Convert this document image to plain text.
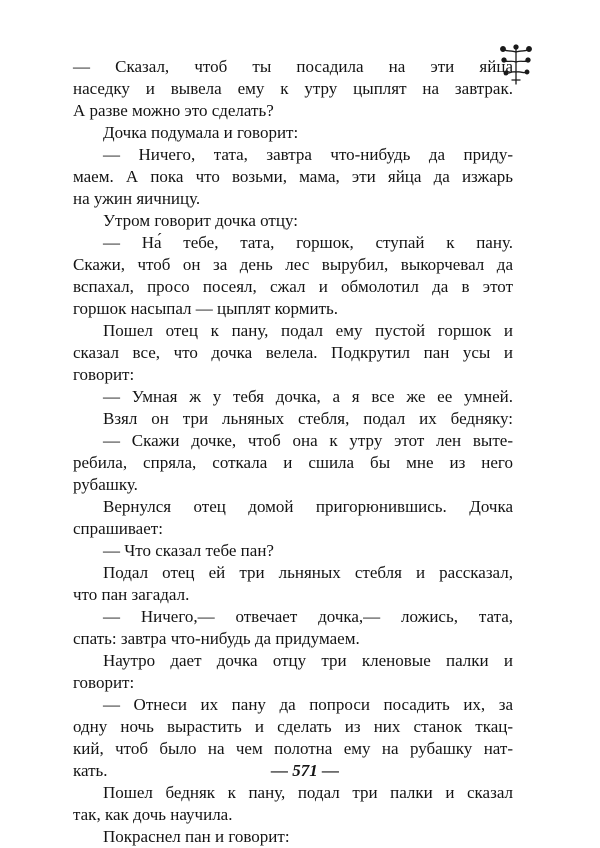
— Сказал, чтоб ты посадила на эти яйца
наседку и вывела ему к утру цыплят на завтрак.
А разве можно это сделать?
Дочка подумала и говорит:
— Ничего, тата, завтра что-нибудь да приду-
маем. А пока что возьми, мама, эти яйца да изжарь
на ужин яичницу.
Утром говорит дочка отцу:
— На́ тебе, тата, горшок, ступай к пану.
Скажи, чтоб он за день лес вырубил, выкорчевал да
вспахал, просо посеял, сжал и обмолотил да в этот
горшок насыпал — цыплят кормить.
Пошел отец к пану, подал ему пустой горшок и
сказал все, что дочка велела. Подкрутил пан усы и
говорит:
— Умная ж у тебя дочка, а я все же ее умней.
Взял он три льняных стебля, подал их бедняку:
— Скажи дочке, чтоб она к утру этот лен выте-
ребила, спряла, соткала и сшила бы мне из него
рубашку.
Вернулся отец домой пригорюнившись. Дочка
спрашивает:
— Что сказал тебе пан?
Подал отец ей три льняных стебля и рассказал,
что пан загадал.
— Ничего,— отвечает дочка,— ложись, тата,
спать: завтра что-нибудь да придумаем.
Наутро дает дочка отцу три кленовые палки и
говорит:
— Отнеси их пану да попроси посадить их, за
одну ночь вырастить и сделать из них станок ткац-
кий, чтоб было на чем полотна ему на рубашку нат-
кать.
Пошел бедняк к пану, подал три палки и сказал
так, как дочь научила.
Покраснел пан и говорит:
— 571 —
